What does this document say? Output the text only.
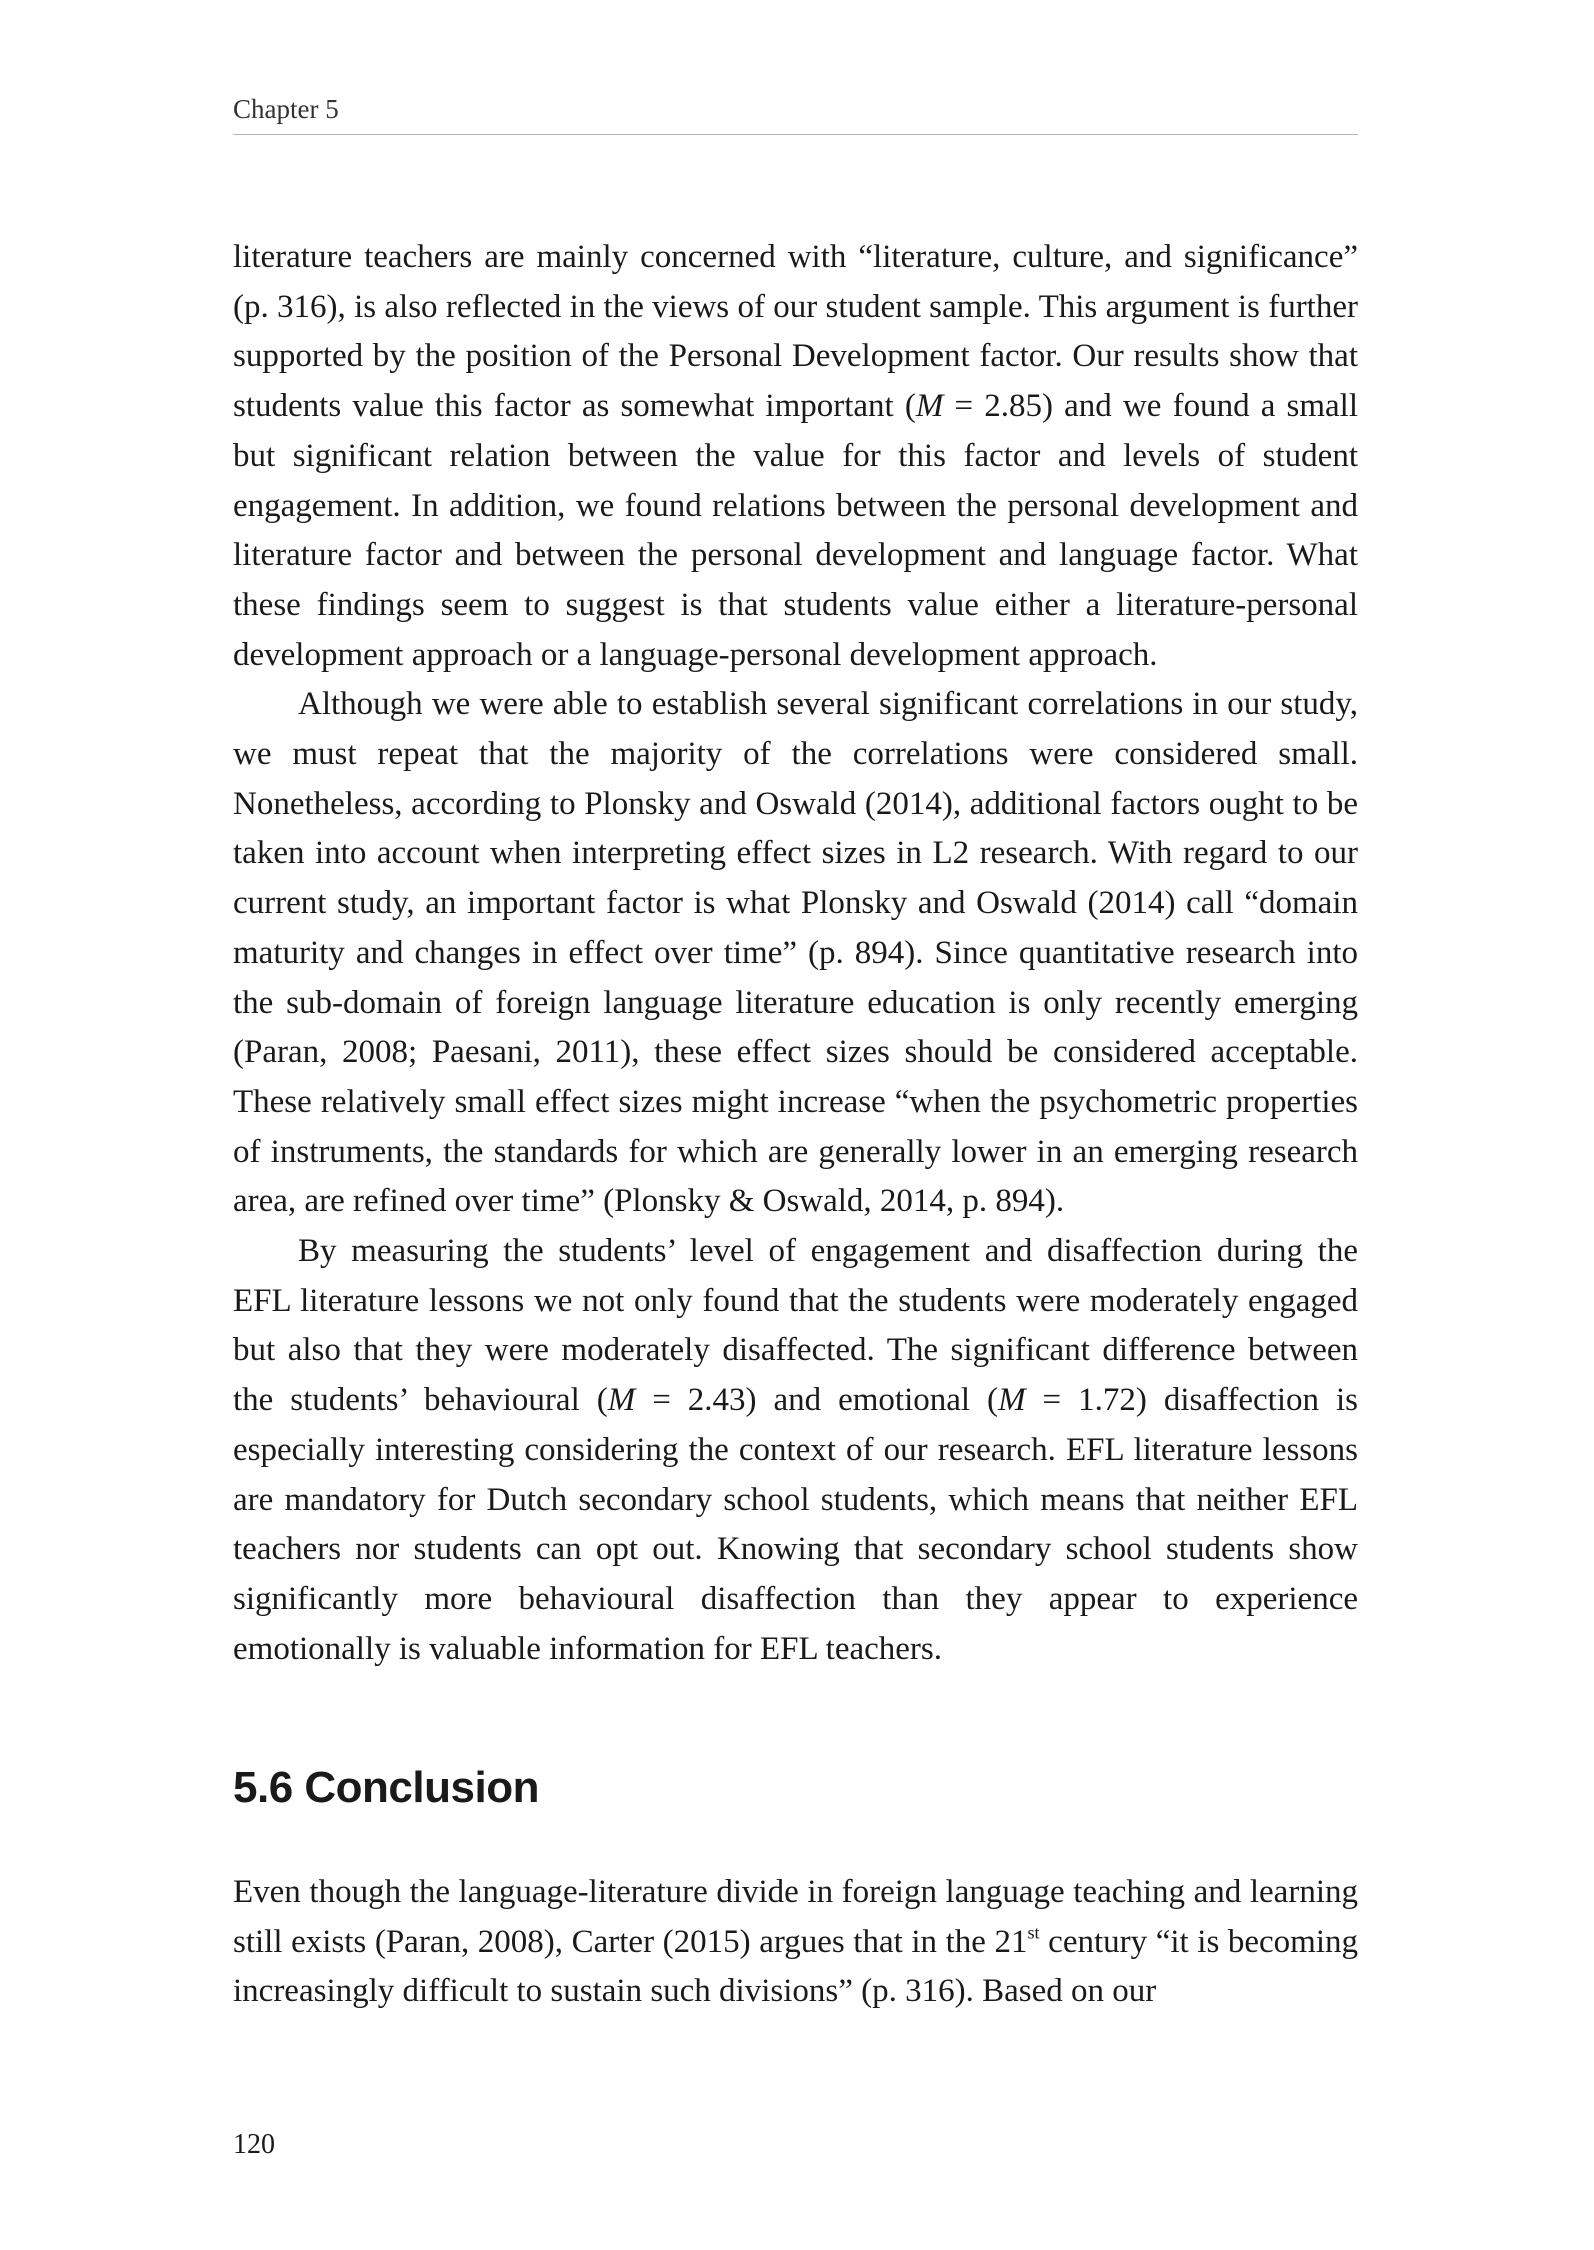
Chapter 5

literature teachers are mainly concerned with “literature, culture, and significance” (p. 316), is also reflected in the views of our student sample. This argument is further supported by the position of the Personal Development factor. Our results show that students value this factor as somewhat important (M = 2.85) and we found a small but significant relation between the value for this factor and levels of student engagement. In addition, we found relations between the personal development and literature factor and between the personal development and language factor. What these findings seem to suggest is that students value either a literature-personal development approach or a language-personal development approach.

Although we were able to establish several significant correlations in our study, we must repeat that the majority of the correlations were considered small. Nonetheless, according to Plonsky and Oswald (2014), additional factors ought to be taken into account when interpreting effect sizes in L2 research. With regard to our current study, an important factor is what Plonsky and Oswald (2014) call “domain maturity and changes in effect over time” (p. 894). Since quantitative research into the sub-domain of foreign language literature education is only recently emerging (Paran, 2008; Paesani, 2011), these effect sizes should be considered acceptable. These relatively small effect sizes might increase “when the psychometric properties of instruments, the standards for which are generally lower in an emerging research area, are refined over time” (Plonsky & Oswald, 2014, p. 894).

By measuring the students’ level of engagement and disaffection during the EFL literature lessons we not only found that the students were moderately engaged but also that they were moderately disaffected. The significant difference between the students’ behavioural (M = 2.43) and emotional (M = 1.72) disaffection is especially interesting considering the context of our research. EFL literature lessons are mandatory for Dutch secondary school students, which means that neither EFL teachers nor students can opt out. Knowing that secondary school students show significantly more behavioural disaffection than they appear to experience emotionally is valuable information for EFL teachers.

5.6 Conclusion

Even though the language-literature divide in foreign language teaching and learning still exists (Paran, 2008), Carter (2015) argues that in the 21st century “it is becoming increasingly difficult to sustain such divisions” (p. 316). Based on our

120
